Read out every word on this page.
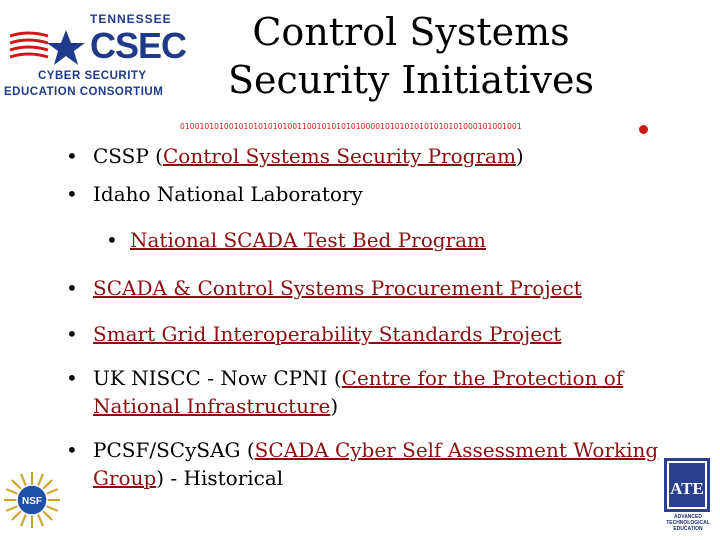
TENNESSEE
CSEC
CYBER SECURITY
EDUCATION CONSORTIUM
Control Systems
Security Initiatives
0100101010010101010101001100101010101000010101010101010101000101001001
• CSSP (Control Systems Security Program)
• Idaho National Laboratory
• National SCADA Test Bed Program
• SCADA & Control Systems Procurement Project
• Smart Grid Interoperability Standards Project
• UK NISCC - Now CPNI (Centre for the Protection of National Infrastructure)
• PCSF/SCySAG (SCADA Cyber Self Assessment Working Group) - Historical
NSF
ATE
ADVANCED
TECHNOLOGICAL
EDUCATION
